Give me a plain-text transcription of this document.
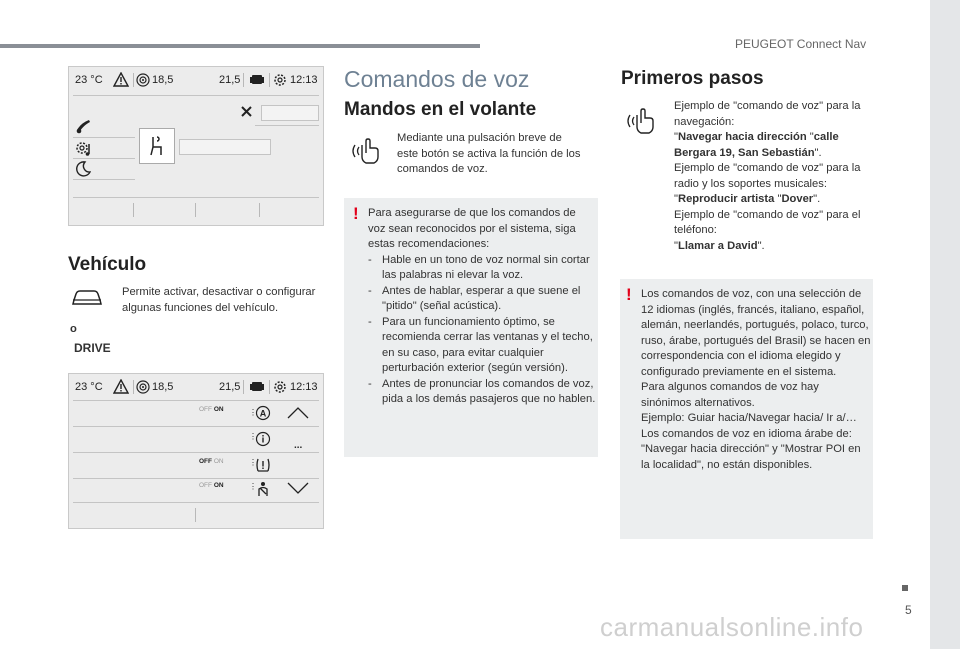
PEUGEOT Connect Nav
23 °C	18,5	21,5	12:13
Vehículo
Permite activar, desactivar o configurar algunas funciones del vehículo.
o
DRIVE
23 °C	18,5	21,5	12:13
OFF ON	A
⋮
⋮
...
OFF ON	⋮
OFF ON	⋮
Comandos de voz
Mandos en el volante
Mediante una pulsación breve de este botón se activa la función de los comandos de voz.
! Para asegurarse de que los comandos de voz sean reconocidos por el sistema, siga estas recomendaciones:
- Hable en un tono de voz normal sin cortar las palabras ni elevar la voz.
- Antes de hablar, esperar a que suene el "pitido" (señal acústica).
- Para un funcionamiento óptimo, se recomienda cerrar las ventanas y el techo, en su caso, para evitar cualquier perturbación exterior (según versión).
- Antes de pronunciar los comandos de voz, pida a los demás pasajeros que no hablen.
Primeros pasos
Ejemplo de "comando de voz" para la navegación:
"Navegar hacia dirección "calle Bergara 19, San Sebastián".
Ejemplo de "comando de voz" para la radio y los soportes musicales:
"Reproducir artista "Dover".
Ejemplo de "comando de voz" para el teléfono:
"Llamar a David".
! Los comandos de voz, con una selección de 12 idiomas (inglés, francés, italiano, español, alemán, neerlandés, portugués, polaco, turco, ruso, árabe, portugués del Brasil) se hacen en correspondencia con el idioma elegido y configurado previamente en el sistema.
Para algunos comandos de voz hay sinónimos alternativos.
Ejemplo: Guiar hacia/Navegar hacia/ Ir a/…
Los comandos de voz en idioma árabe de: "Navegar hacia dirección" y "Mostrar POI en la localidad", no están disponibles.
5
carmanualsonline.info
